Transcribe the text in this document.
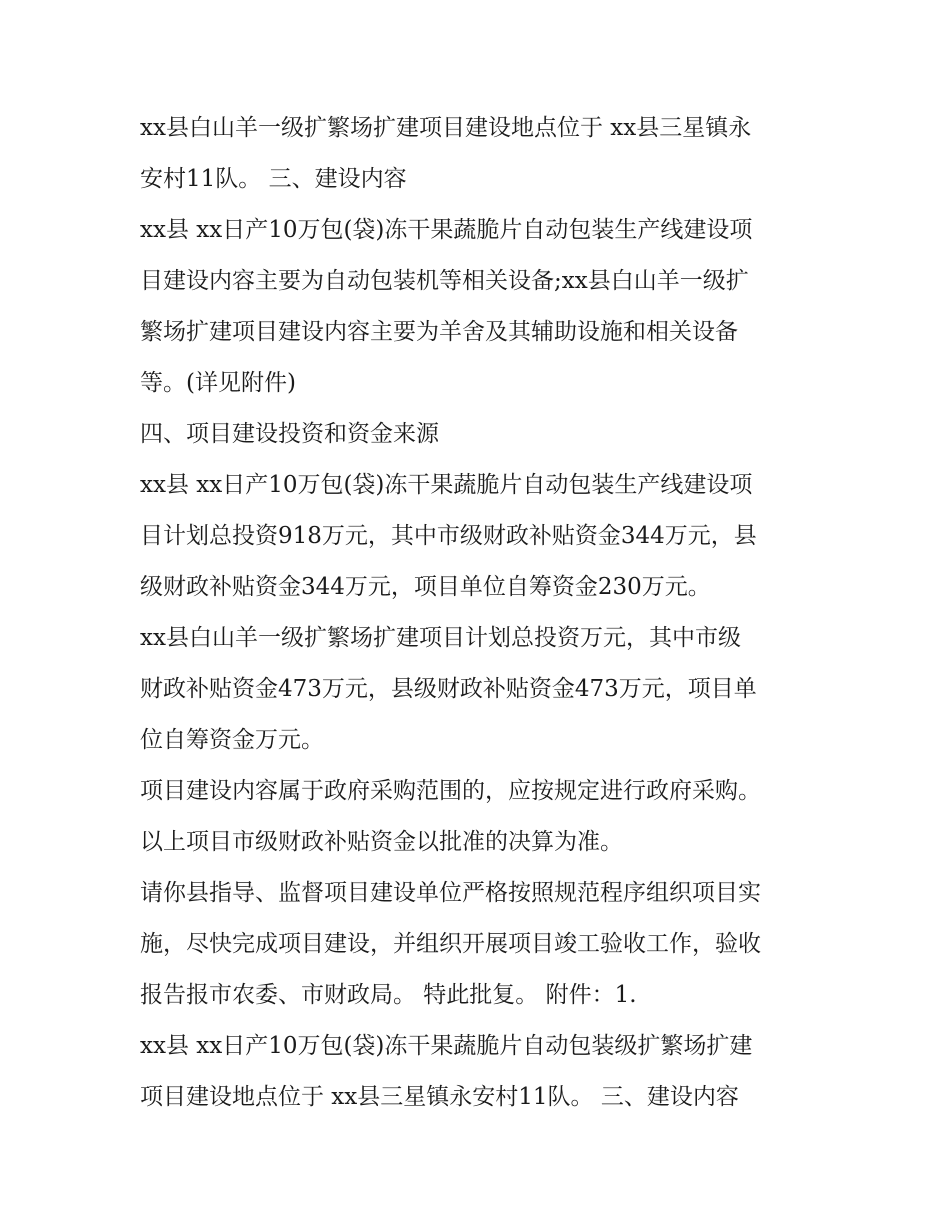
xx县白山羊一级扩繁场扩建项目建设地点位于 xx县三星镇永
安村11队。 三、建设内容
xx县 xx日产10万包(袋)冻干果蔬脆片自动包装生产线建设项
目建设内容主要为自动包装机等相关设备;xx县白山羊一级扩
繁场扩建项目建设内容主要为羊舍及其辅助设施和相关设备
等。(详见附件)
四、项目建设投资和资金来源
xx县 xx日产10万包(袋)冻干果蔬脆片自动包装生产线建设项
目计划总投资918万元，其中市级财政补贴资金344万元，县
级财政补贴资金344万元，项目单位自筹资金230万元。
xx县白山羊一级扩繁场扩建项目计划总投资万元，其中市级
财政补贴资金473万元，县级财政补贴资金473万元，项目单
位自筹资金万元。
项目建设内容属于政府采购范围的，应按规定进行政府采购。
以上项目市级财政补贴资金以批准的决算为准。
请你县指导、监督项目建设单位严格按照规范程序组织项目实
施，尽快完成项目建设，并组织开展项目竣工验收工作，验收
报告报市农委、市财政局。 特此批复。 附件：1.
xx县 xx日产10万包(袋)冻干果蔬脆片自动包装级扩繁场扩建
项目建设地点位于 xx县三星镇永安村11队。 三、建设内容
